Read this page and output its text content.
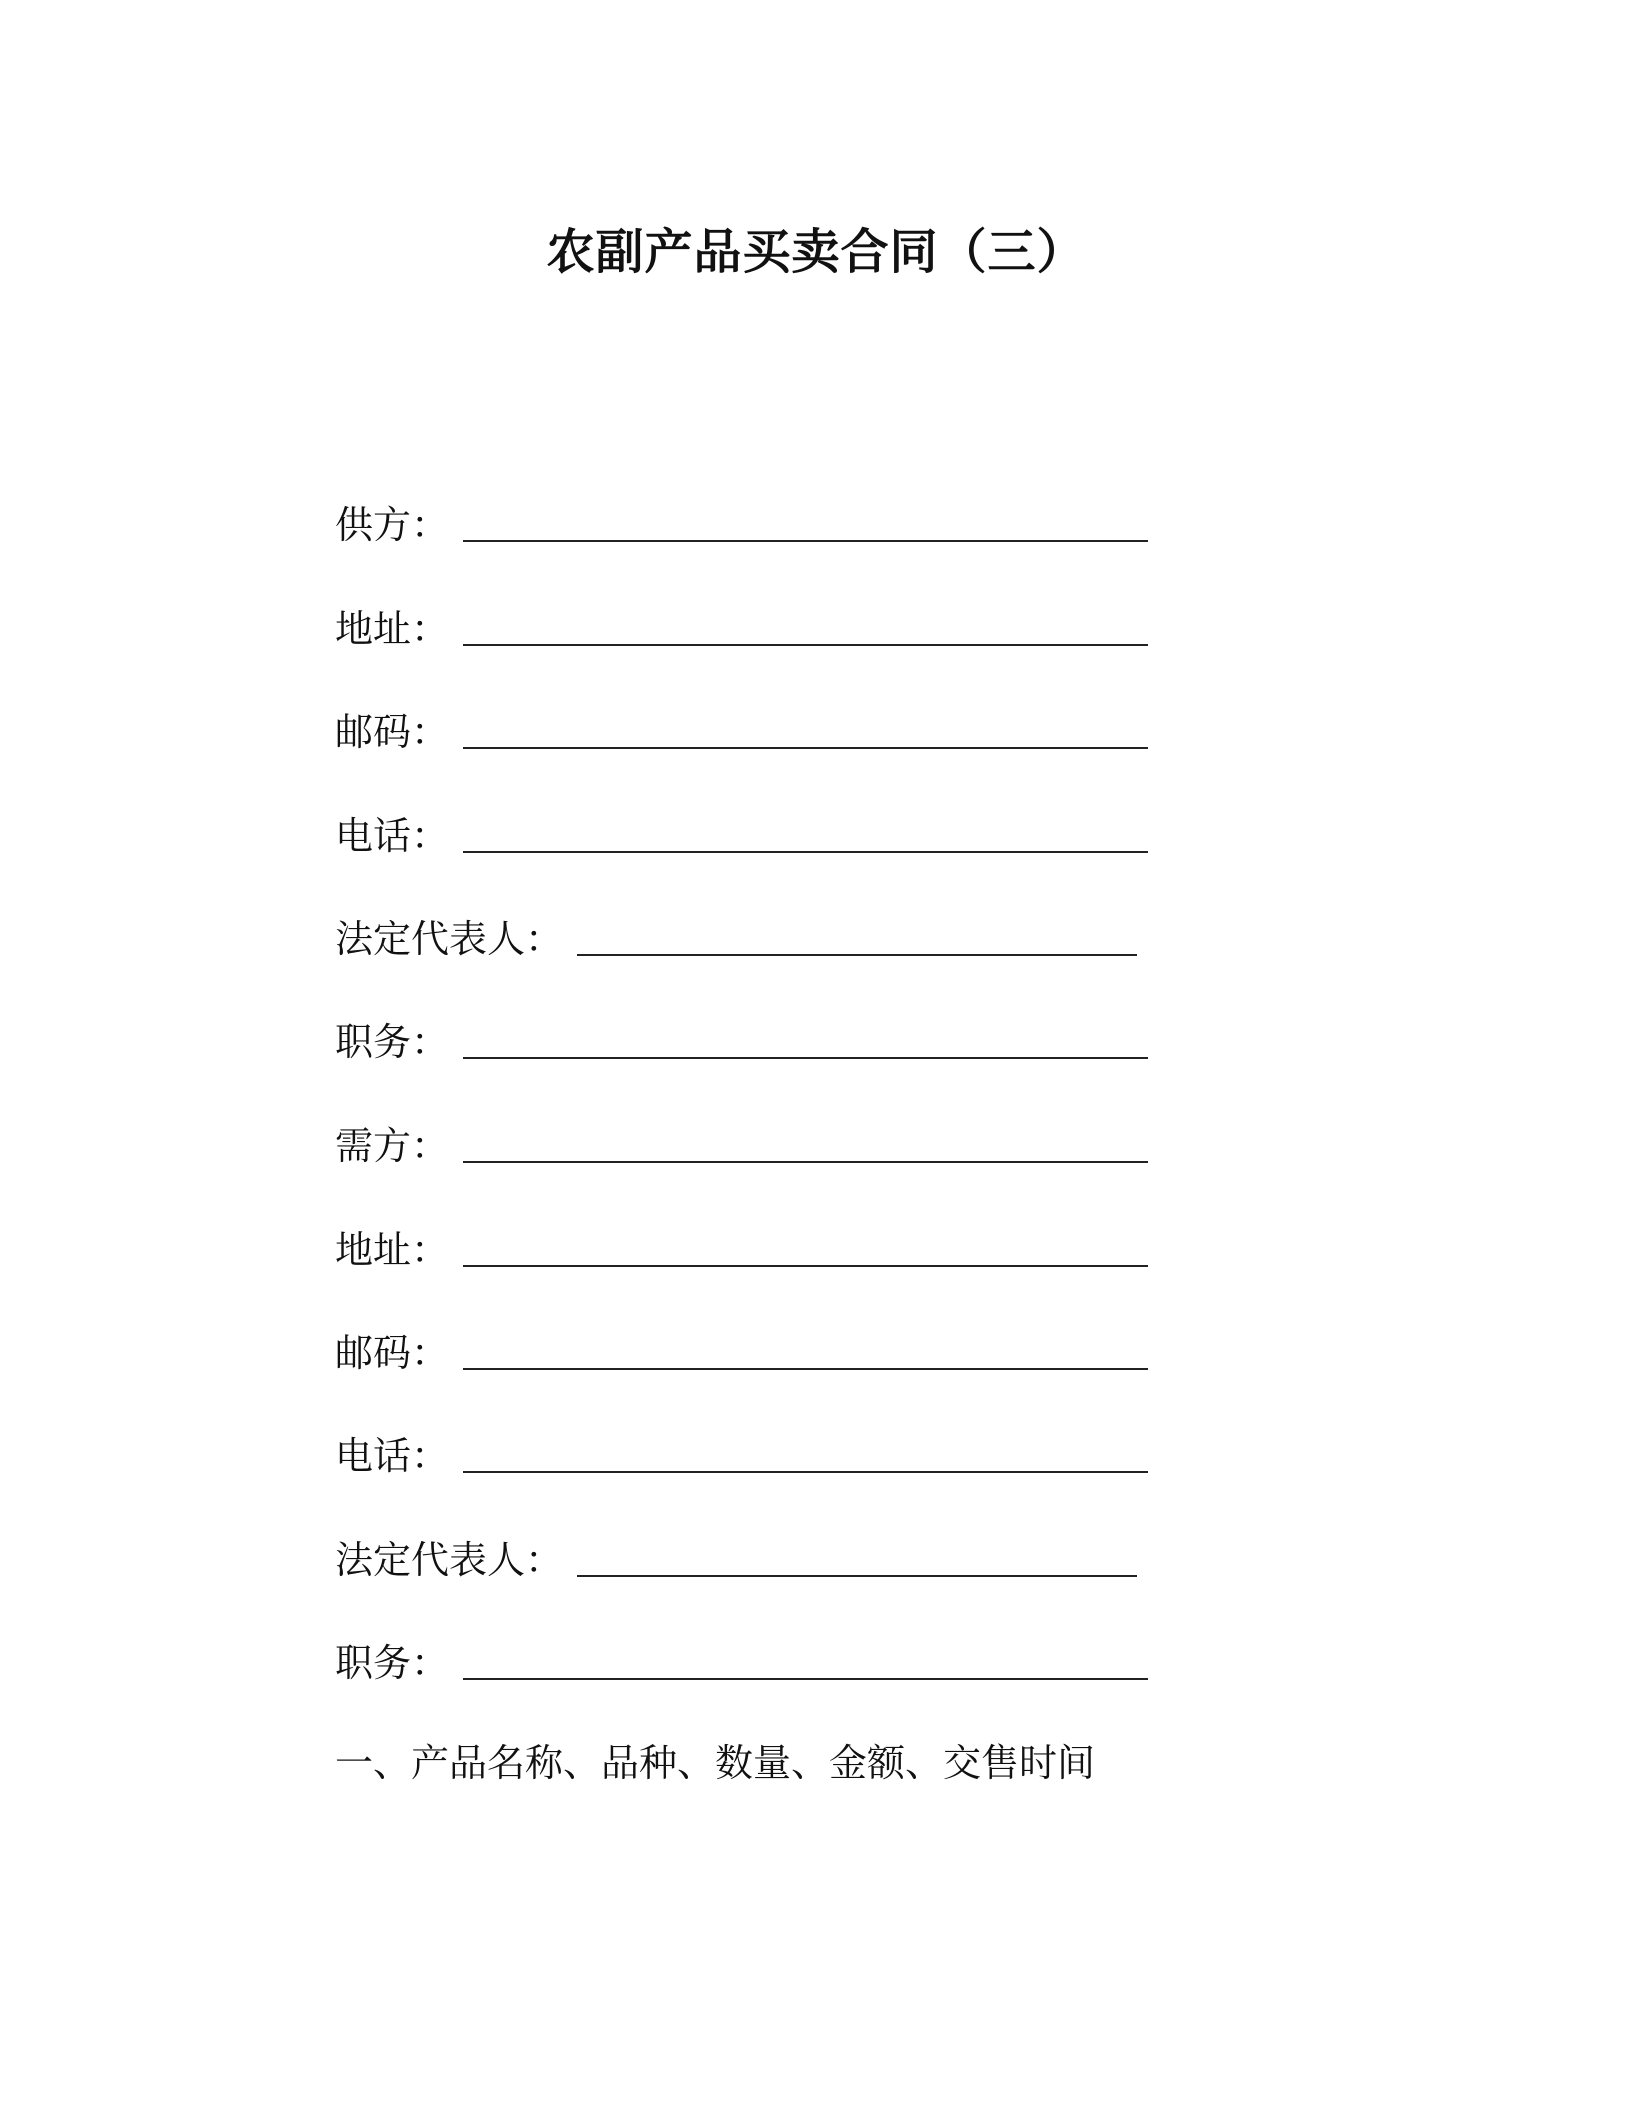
农副产品买卖合同（三）
供方：
地址：
邮码：
电话：
法定代表人：
职务：
需方：
地址：
邮码：
电话：
法定代表人：
职务：
一、产品名称、品种、数量、金额、交售时间
